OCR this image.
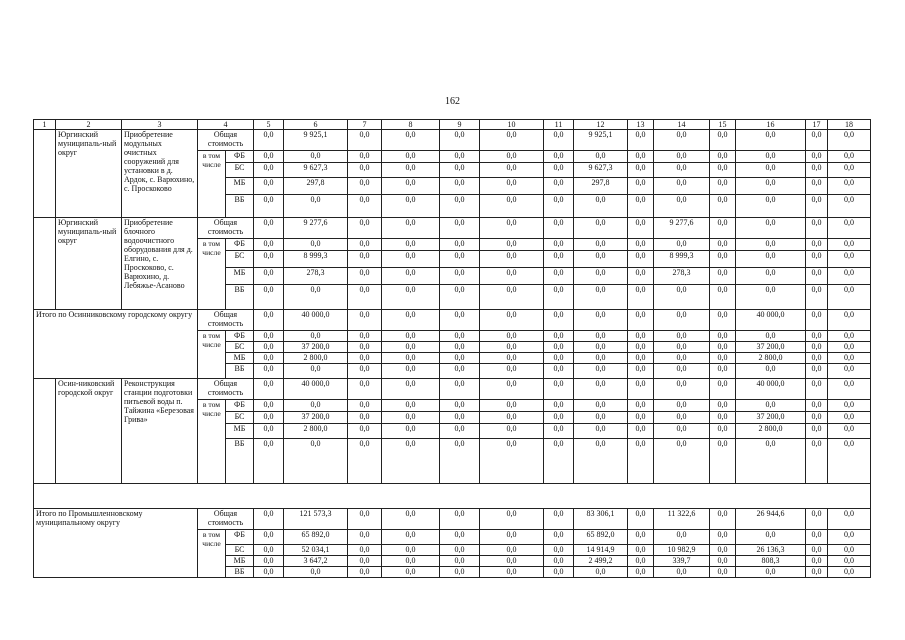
162
1	2	3	4		5	6	7	8	9	10	11	12	13	14	15	16	17	18
	Юргинский муниципаль-ный округ	Приобретение модульных очистных сооружений для установки в д. Ардок, с. Варюхино, с. Проскоково	Общая стоимость		0,0	9 925,1	0,0	0,0	0,0	0,0	0,0	9 925,1	0,0	0,0	0,0	0,0	0,0	0,0
			в том числе	ФБ	0,0	0,0	0,0	0,0	0,0	0,0	0,0	0,0	0,0	0,0	0,0	0,0	0,0	0,0
				БС	0,0	9 627,3	0,0	0,0	0,0	0,0	0,0	9 627,3	0,0	0,0	0,0	0,0	0,0	0,0
				МБ	0,0	297,8	0,0	0,0	0,0	0,0	0,0	297,8	0,0	0,0	0,0	0,0	0,0	0,0
				ВБ	0,0	0,0	0,0	0,0	0,0	0,0	0,0	0,0	0,0	0,0	0,0	0,0	0,0	0,0
	Юргинский муниципаль-ный округ	Приобретение блочного водоочистного оборудования для д. Елгино, с. Проскоково, с. Варюхино, д. Лебяжье-Асаново	Общая стоимость		0,0	9 277,6	0,0	0,0	0,0	0,0	0,0	0,0	0,0	9 277,6	0,0	0,0	0,0	0,0
			в том числе	ФБ	0,0	0,0	0,0	0,0	0,0	0,0	0,0	0,0	0,0	0,0	0,0	0,0	0,0	0,0
				БС	0,0	8 999,3	0,0	0,0	0,0	0,0	0,0	0,0	0,0	8 999,3	0,0	0,0	0,0	0,0
				МБ	0,0	278,3	0,0	0,0	0,0	0,0	0,0	0,0	0,0	278,3	0,0	0,0	0,0	0,0
				ВБ	0,0	0,0	0,0	0,0	0,0	0,0	0,0	0,0	0,0	0,0	0,0	0,0	0,0	0,0
Итого по Осинниковскому городскому округу			Общая стоимость		0,0	40 000,0	0,0	0,0	0,0	0,0	0,0	0,0	0,0	0,0	0,0	40 000,0	0,0	0,0
			в том числе	ФБ	0,0	0,0	0,0	0,0	0,0	0,0	0,0	0,0	0,0	0,0	0,0	0,0	0,0	0,0
				БС	0,0	37 200,0	0,0	0,0	0,0	0,0	0,0	0,0	0,0	0,0	0,0	37 200,0	0,0	0,0
				МБ	0,0	2 800,0	0,0	0,0	0,0	0,0	0,0	0,0	0,0	0,0	0,0	2 800,0	0,0	0,0
				ВБ	0,0	0,0	0,0	0,0	0,0	0,0	0,0	0,0	0,0	0,0	0,0	0,0	0,0	0,0
	Осин-никовский городской округ	Реконструкция станции подготовки питьевой воды п. Тайжина «Березовая Грива»	Общая стоимость		0,0	40 000,0	0,0	0,0	0,0	0,0	0,0	0,0	0,0	0,0	0,0	40 000,0	0,0	0,0
			в том числе	ФБ	0,0	0,0	0,0	0,0	0,0	0,0	0,0	0,0	0,0	0,0	0,0	0,0	0,0	0,0
				БС	0,0	37 200,0	0,0	0,0	0,0	0,0	0,0	0,0	0,0	0,0	0,0	37 200,0	0,0	0,0
				МБ	0,0	2 800,0	0,0	0,0	0,0	0,0	0,0	0,0	0,0	0,0	0,0	2 800,0	0,0	0,0
				ВБ	0,0	0,0	0,0	0,0	0,0	0,0	0,0	0,0	0,0	0,0	0,0	0,0	0,0	0,0

Итого по Промышленновскому муниципальному округу			Общая стоимость		0,0	121 573,3	0,0	0,0	0,0	0,0	0,0	83 306,1	0,0	11 322,6	0,0	26 944,6	0,0	0,0
			в том числе	ФБ	0,0	65 892,0	0,0	0,0	0,0	0,0	0,0	65 892,0	0,0	0,0	0,0	0,0	0,0	0,0
				БС	0,0	52 034,1	0,0	0,0	0,0	0,0	0,0	14 914,9	0,0	10 982,9	0,0	26 136,3	0,0	0,0
				МБ	0,0	3 647,2	0,0	0,0	0,0	0,0	0,0	2 499,2	0,0	339,7	0,0	808,3	0,0	0,0
				ВБ	0,0	0,0	0,0	0,0	0,0	0,0	0,0	0,0	0,0	0,0	0,0	0,0	0,0	0,0
